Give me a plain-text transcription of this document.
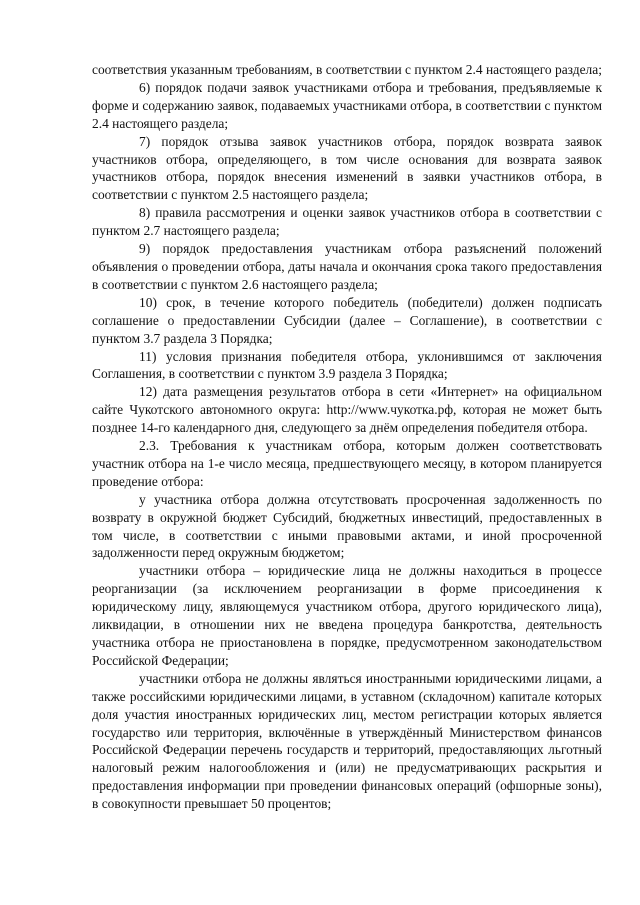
соответствия указанным требованиям, в соответствии с пунктом 2.4 настоящего раздела;

6) порядок подачи заявок участниками отбора и требования, предъявляемые к форме и содержанию заявок, подаваемых участниками отбора, в соответствии с пунктом 2.4 настоящего раздела;

7) порядок отзыва заявок участников отбора, порядок возврата заявок участников отбора, определяющего, в том числе основания для возврата заявок участников отбора, порядок внесения изменений в заявки участников отбора, в соответствии с пунктом 2.5 настоящего раздела;

8) правила рассмотрения и оценки заявок участников отбора в соответствии с пунктом 2.7 настоящего раздела;

9) порядок предоставления участникам отбора разъяснений положений объявления о проведении отбора, даты начала и окончания срока такого предоставления в соответствии с пунктом 2.6 настоящего раздела;

10) срок, в течение которого победитель (победители) должен подписать соглашение о предоставлении Субсидии (далее – Соглашение), в соответствии с пунктом 3.7 раздела 3 Порядка;

11) условия признания победителя отбора, уклонившимся от заключения Соглашения, в соответствии с пунктом 3.9 раздела 3 Порядка;

12) дата размещения результатов отбора в сети «Интернет» на официальном сайте Чукотского автономного округа: http://www.чукотка.рф, которая не может быть позднее 14-го календарного дня, следующего за днём определения победителя отбора.

2.3. Требования к участникам отбора, которым должен соответствовать участник отбора на 1-е число месяца, предшествующего месяцу, в котором планируется проведение отбора:

у участника отбора должна отсутствовать просроченная задолженность по возврату в окружной бюджет Субсидий, бюджетных инвестиций, предоставленных в том числе, в соответствии с иными правовыми актами, и иной просроченной задолженности перед окружным бюджетом;

участники отбора – юридические лица не должны находиться в процессе реорганизации (за исключением реорганизации в форме присоединения к юридическому лицу, являющемуся участником отбора, другого юридического лица), ликвидации, в отношении них не введена процедура банкротства, деятельность участника отбора не приостановлена в порядке, предусмотренном законодательством Российской Федерации;

участники отбора не должны являться иностранными юридическими лицами, а также российскими юридическими лицами, в уставном (складочном) капитале которых доля участия иностранных юридических лиц, местом регистрации которых является государство или территория, включённые в утверждённый Министерством финансов Российской Федерации перечень государств и территорий, предоставляющих льготный налоговый режим налогообложения и (или) не предусматривающих раскрытия и предоставления информации при проведении финансовых операций (офшорные зоны), в совокупности превышает 50 процентов;
